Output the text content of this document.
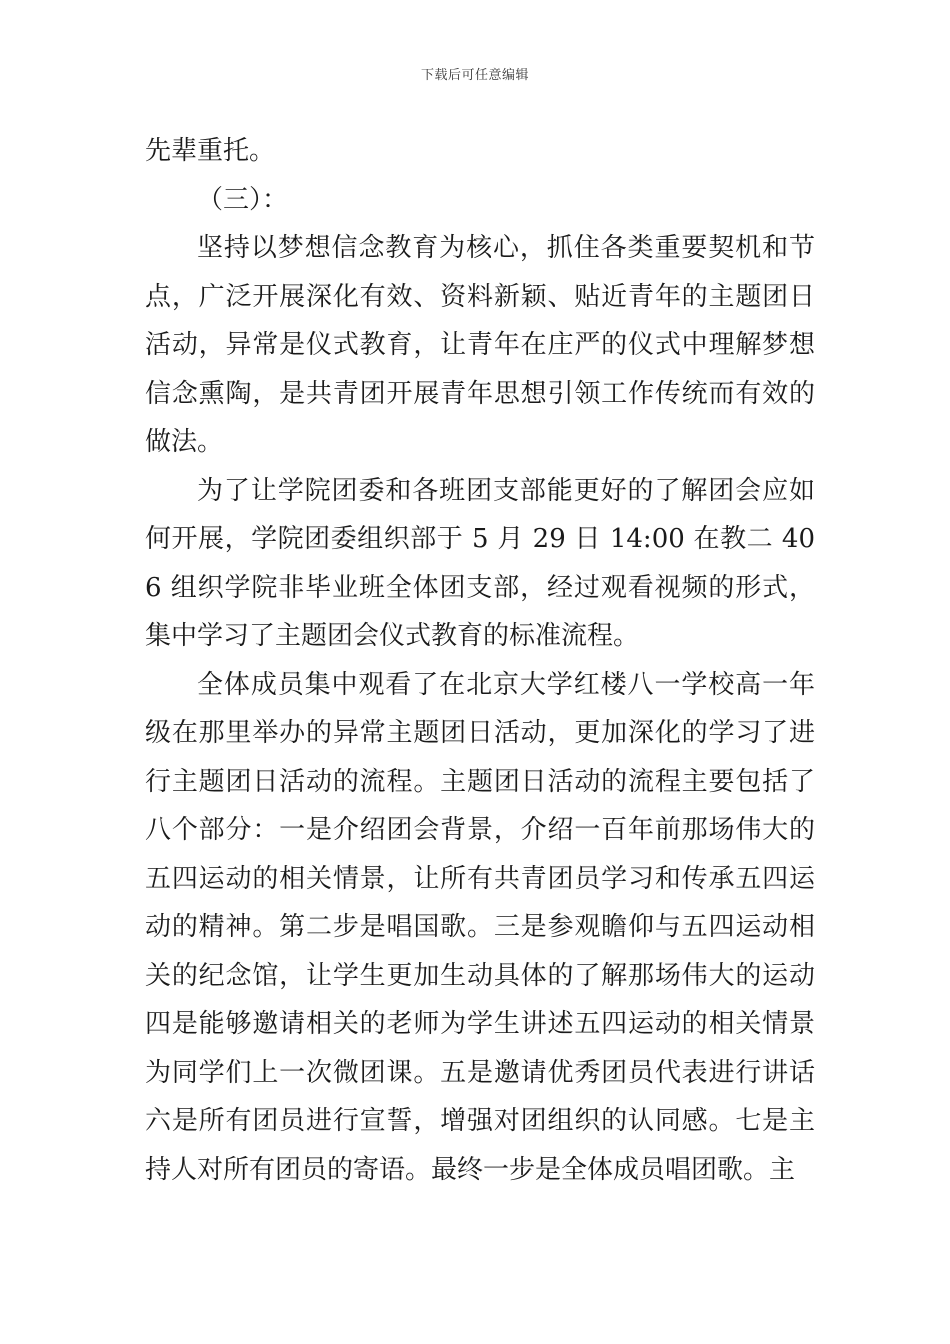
下载后可任意编辑

先辈重托。

（三）：

坚持以梦想信念教育为核心，抓住各类重要契机和节点，广泛开展深化有效、资料新颖、贴近青年的主题团日活动，异常是仪式教育，让青年在庄严的仪式中理解梦想信念熏陶，是共青团开展青年思想引领工作传统而有效的做法。

为了让学院团委和各班团支部能更好的了解团会应如何开展，学院团委组织部于 5 月 29 日 14:00 在教二 406 组织学院非毕业班全体团支部，经过观看视频的形式，集中学习了主题团会仪式教育的标准流程。

全体成员集中观看了在北京大学红楼八一学校高一年级在那里举办的异常主题团日活动，更加深化的学习了进行主题团日活动的流程。主题团日活动的流程主要包括了八个部分：一是介绍团会背景，介绍一百年前那场伟大的五四运动的相关情景，让所有共青团员学习和传承五四运动的精神。第二步是唱国歌。三是参观瞻仰与五四运动相关的纪念馆，让学生更加生动具体的了解那场伟大的运动四是能够邀请相关的老师为学生讲述五四运动的相关情景为同学们上一次微团课。五是邀请优秀团员代表进行讲话六是所有团员进行宣誓，增强对团组织的认同感。七是主持人对所有团员的寄语。最终一步是全体成员唱团歌。主
